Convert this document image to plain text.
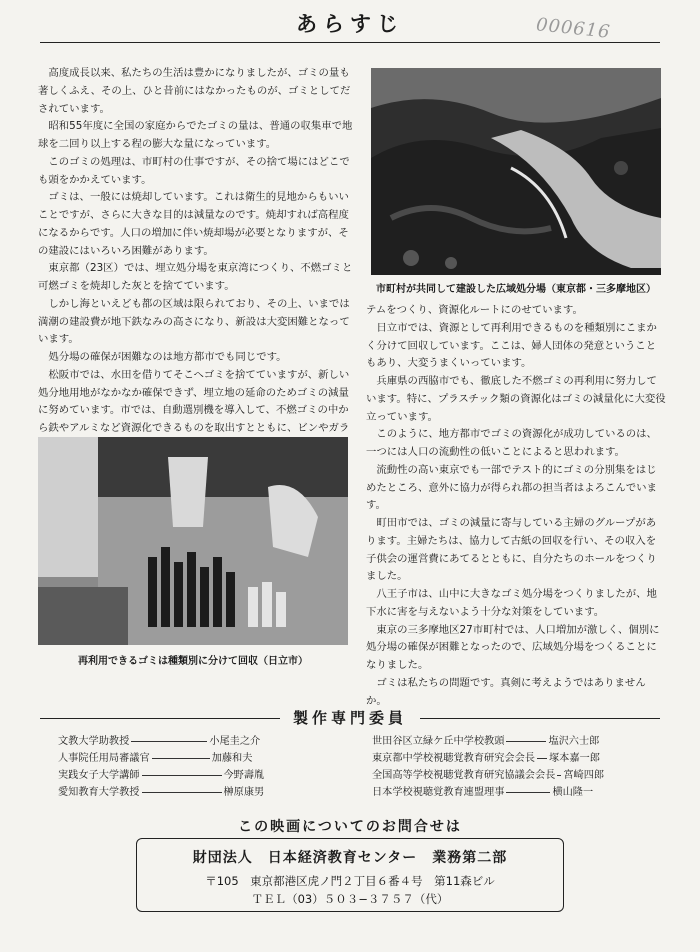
あらすじ	000616

高度成長以来、私たちの生活は豊かになりましたが、ゴミの量も著しくふえ、その上、ひと昔前にはなかったものが、ゴミとしてだされています。

昭和55年度に全国の家庭からでたゴミの量は、普通の収集車で地球を二回り以上する程の膨大な量になっています。

このゴミの処理は、市町村の仕事ですが、その捨て場にはどこでも頭をかかえています。

ゴミは、一般には焼却しています。これは衛生的見地からもいいことですが、さらに大きな目的は減量なのです。焼却すれば高程度になるからです。人口の増加に伴い焼却場が必要となりますが、その建設にはいろいろ困難があります。

東京都（23区）では、埋立処分場を東京湾につくり、不燃ゴミと可燃ゴミを焼却した灰とを捨てています。

しかし海といえども都の区域は限られており、その上、いまでは満潮の建設費が地下鉄なみの高さになり、新設は大変困難となっています。

処分場の確保が困難なのは地方都市でも同じです。

松阪市では、水田を借りてそこへゴミを捨てていますが、新しい処分地用地がなかなか確保できず、埋立地の延命のためゴミの減量に努めています。市では、自動選別機を導入して、不燃ゴミの中から鉄やアルミなど資源化できるものを取出すとともに、ビンやガラ

市町村が共同して建設した広域処分場（東京都・三多摩地区）

テムをつくり、資源化ルートにのせています。

日立市では、資源として再利用できるものを種類別にこまかく分けて回収しています。ここは、婦人団体の発意ということもあり、大変うまくいっています。

兵庫県の西脇市でも、徹底した不燃ゴミの再利用に努力しています。特に、プラスチック類の資源化はゴミの減量化に大変役立っています。

このように、地方都市でゴミの資源化が成功しているのは、一つには人口の流動性の低いことによると思われます。

流動性の高い東京でも一部でテスト的にゴミの分別集をはじめたところ、意外に協力が得られ都の担当者はよろこんでいます。

町田市では、ゴミの減量に寄与している主婦のグループがあります。主婦たちは、協力して古紙の回収を行い、その収入を子供会の運営費にあてるとともに、自分たちのホールをつくりました。

八王子市は、山中に大きなゴミ処分場をつくりましたが、地下水に害を与えないよう十分な対策をしています。

東京の三多摩地区27市町村では、人口増加が激しく、個別に処分場の確保が困難となったので、広域処分場をつくることになりました。

ゴミは私たちの問題です。真剣に考えようではありませんか。

再利用できるゴミは種類別に分けて回収（日立市）
製作専門委員
文教大学助教授	小尾圭之介
人事院任用局審議官	加藤和夫
実践女子大学講師	今野壽胤
愛知教育大学教授	榊原康男
世田谷区立緑ケ丘中学校教頭	塩沢六士郎
東京都中学校視聴覚教育研究会会長 塚本嘉一郎
全国高等学校視聴覚教育研究協議会会長 宮崎四郎
日本学校視聴覚教育連盟理事	横山隆一
この映画についてのお問合せは
財団法人　日本経済教育センター　業務第二部
〒105　東京都港区虎ノ門２丁目６番４号　第11森ビル
ＴＥＬ（03）５０３−３７５７（代）
